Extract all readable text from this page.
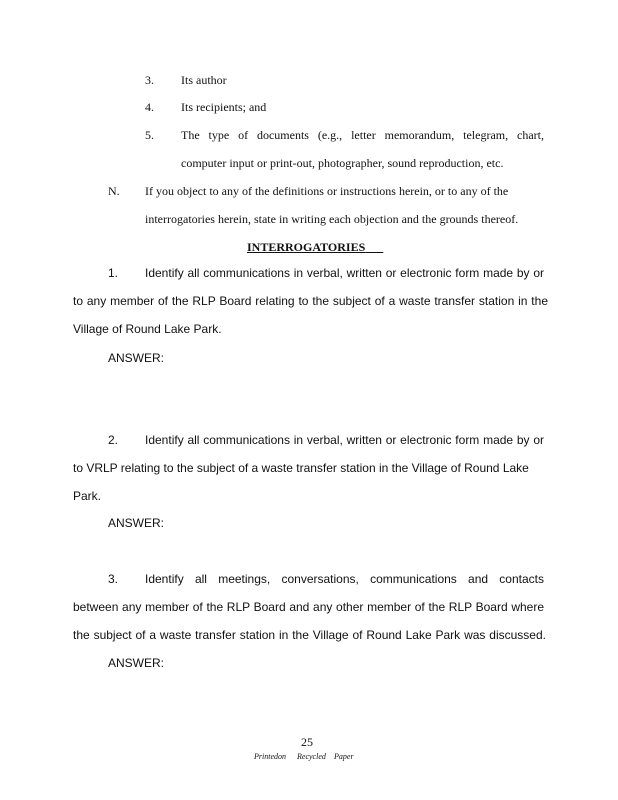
3. Its author
4. Its recipients; and
5. The type of documents (e.g., letter memorandum, telegram, chart,
computer input or print-out, photographer, sound reproduction, etc.
N. If you object to any of the definitions or instructions herein, or to any of the
interrogatories herein, state in writing each objection and the grounds thereof.
INTERROGATORIES
1. Identify all communications in verbal, written or electronic form made by or
to any member of the RLP Board relating to the subject of a waste transfer station in the
Village of Round Lake Park.
ANSWER:
2. Identify all communications in verbal, written or electronic form made by or
to VRLP relating to the subject of a waste transfer station in the Village of Round Lake
Park.
ANSWER:
3. Identify all meetings, conversations, communications and contacts
between any member of the RLP Board and any other member of the RLP Board where
the subject of a waste transfer station in the Village of Round Lake Park was discussed.
ANSWER:
25
Printedon Recycled Paper
